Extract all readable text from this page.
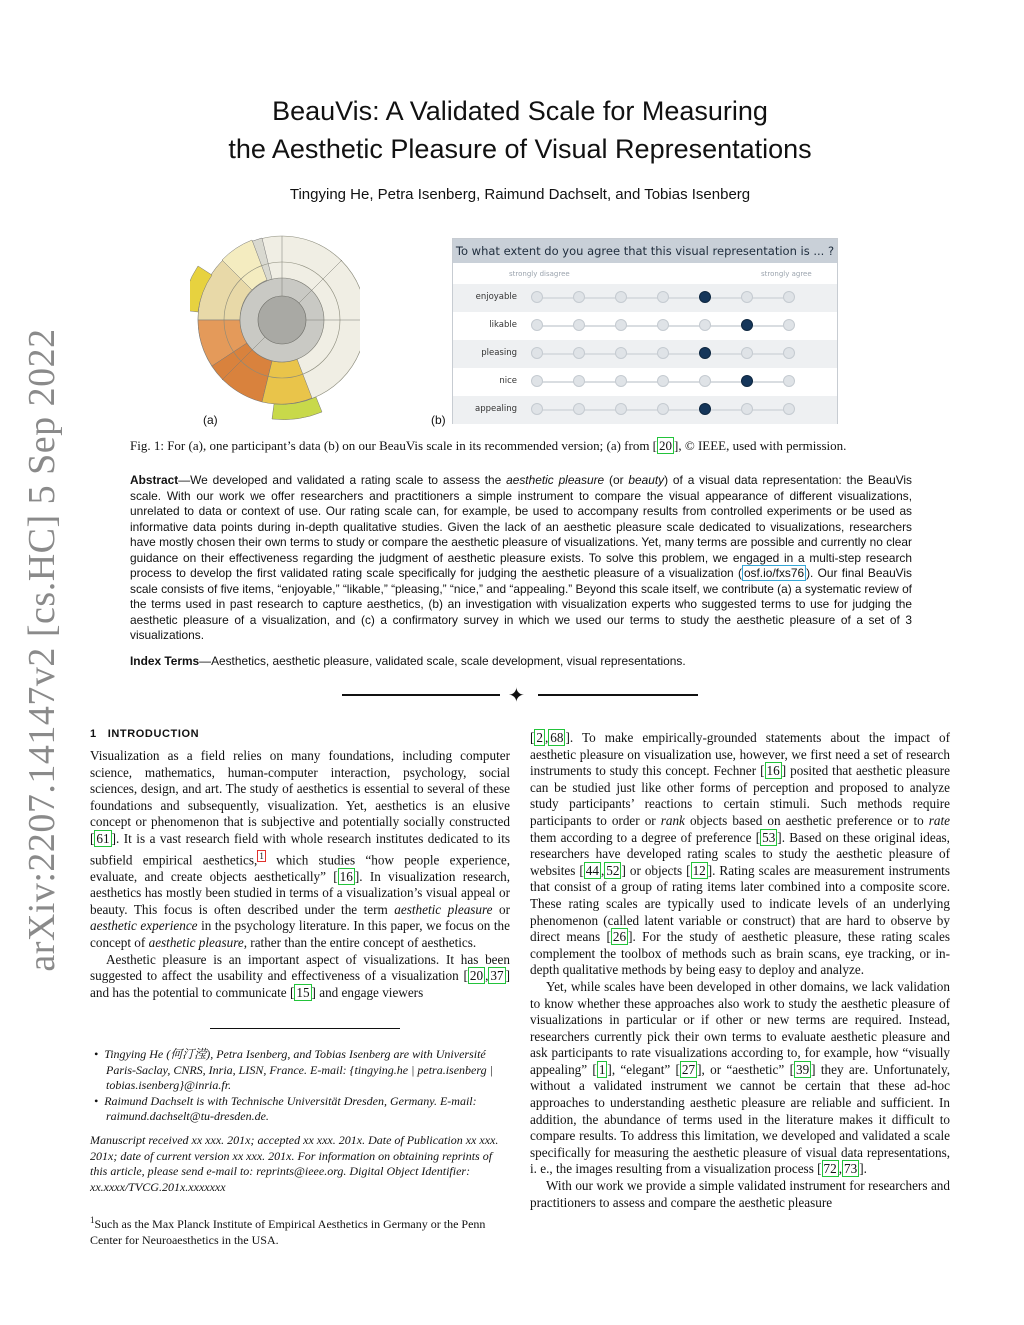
arXiv:2207.14147v2 [cs.HC] 5 Sep 2022
BeauVis: A Validated Scale for Measuring
the Aesthetic Pleasure of Visual Representations
Tingying He, Petra Isenberg, Raimund Dachselt, and Tobias Isenberg
(a)	(b)
To what extent do you agree that this visual representation is ... ?
strongly disagree	strongly agree
enjoyable
likable
pleasing
nice
appealing
Fig. 1: For (a), one participant’s data (b) on our BeauVis scale in its recommended version; (a) from [ 20 ], © IEEE, used with permission.
Abstract—We developed and validated a rating scale to assess the aesthetic pleasure (or beauty) of a visual data representation: the BeauVis scale. With our work we offer researchers and practitioners a simple instrument to compare the visual appearance of different visualizations, unrelated to data or context of use. Our rating scale can, for example, be used to accompany results from controlled experiments or be used as informative data points during in-depth qualitative studies. Given the lack of an aesthetic pleasure scale dedicated to visualizations, researchers have mostly chosen their own terms to study or compare the aesthetic pleasure of visualizations. Yet, many terms are possible and currently no clear guidance on their effectiveness regarding the judgment of aesthetic pleasure exists. To solve this problem, we engaged in a multi-step research process to develop the first validated rating scale specifically for judging the aesthetic pleasure of a visualization ( osf.io/fxs76 ). Our final BeauVis scale consists of five items, “enjoyable,” “likable,” “pleasing,” “nice,” and “appealing.” Beyond this scale itself, we contribute (a) a systematic review of the terms used in past research to capture aesthetics, (b) an investigation with visualization experts who suggested terms to use for judging the aesthetic pleasure of a visualization, and (c) a confirmatory survey in which we used our terms to study the aesthetic pleasure of a set of 3 visualizations.
Index Terms—Aesthetics, aesthetic pleasure, validated scale, scale development, visual representations.
✦
1 INTRODUCTION

Visualization as a field relies on many foundations, including computer science, mathematics, human-computer interaction, psychology, social sciences, design, and art. The study of aesthetics is essential to several of these foundations and subsequently, visualization. Yet, aesthetics is an elusive concept or phenomenon that is subjective and potentially socially constructed [ 61 ]. It is a vast research field with whole research institutes dedicated to its subfield empirical aesthetics, $^1$ which studies “how people experience, evaluate, and create objects aesthetically” [ 16 ]. In visualization research, aesthetics has mostly been studied in terms of a visualization’s visual appeal or beauty. This focus is often described under the term aesthetic pleasure or aesthetic experience in the psychology literature. In this paper, we focus on the concept of aesthetic pleasure, rather than the entire concept of aesthetics.

Aesthetic pleasure is an important aspect of visualizations. It has been suggested to affect the usability and effectiveness of a visualization [ 20 , 37 ] and has the potential to communicate [ 15 ] and engage viewers

•  Tingying He (何汀滢), Petra Isenberg, and Tobias Isenberg are with Université Paris-Saclay, CNRS, Inria, LISN, France. E-mail: {tingying.he | petra.isenberg | tobias.isenberg}@inria.fr.
•  Raimund Dachselt is with Technische Universität Dresden, Germany. E-mail: raimund.dachselt@tu-dresden.de.
Manuscript received xx xxx. 201x; accepted xx xxx. 201x. Date of Publication xx xxx. 201x; date of current version xx xxx. 201x. For information on obtaining reprints of this article, please send e-mail to: reprints@ieee.org. Digital Object Identifier: xx.xxxx/TVCG.201x.xxxxxxx
$^1$Such as the Max Planck Institute of Empirical Aesthetics in Germany or the Penn Center for Neuroaesthetics in the USA.

[ 2 , 68 ]. To make empirically-grounded statements about the impact of aesthetic pleasure on visualization use, however, we first need a set of research instruments to study this concept. Fechner [ 16 ] posited that aesthetic pleasure can be studied just like other forms of perception and proposed to analyze study participants’ reactions to certain stimuli. Such methods require participants to order or rank objects based on aesthetic preference or to rate them according to a degree of preference [ 53 ]. Based on these original ideas, researchers have developed rating scales to study the aesthetic pleasure of websites [ 44 , 52 ] or objects [ 12 ]. Rating scales are measurement instruments that consist of a group of rating items later combined into a composite score. These rating scales are typically used to indicate levels of an underlying phenomenon (called latent variable or construct) that are hard to observe by direct means [ 26 ]. For the study of aesthetic pleasure, these rating scales complement the toolbox of methods such as brain scans, eye tracking, or in-depth qualitative methods by being easy to deploy and analyze.

Yet, while scales have been developed in other domains, we lack validation to know whether these approaches also work to study the aesthetic pleasure of visualizations in particular or if other or new terms are required. Instead, researchers currently pick their own terms to evaluate aesthetic pleasure and ask participants to rate visualizations according to, for example, how “visually appealing” [ 1 ], “elegant” [ 27 ], or “aesthetic” [ 39 ] they are. Unfortunately, without a validated instrument we cannot be certain that these ad-hoc approaches to understanding aesthetic pleasure are reliable and sufficient. In addition, the abundance of terms used in the literature makes it difficult to compare results. To address this limitation, we developed and validated a scale specifically for measuring the aesthetic pleasure of visual data representations, i. e., the images resulting from a visualization process [ 72 , 73 ].

With our work we provide a simple validated instrument for researchers and practitioners to assess and compare the aesthetic pleasure
